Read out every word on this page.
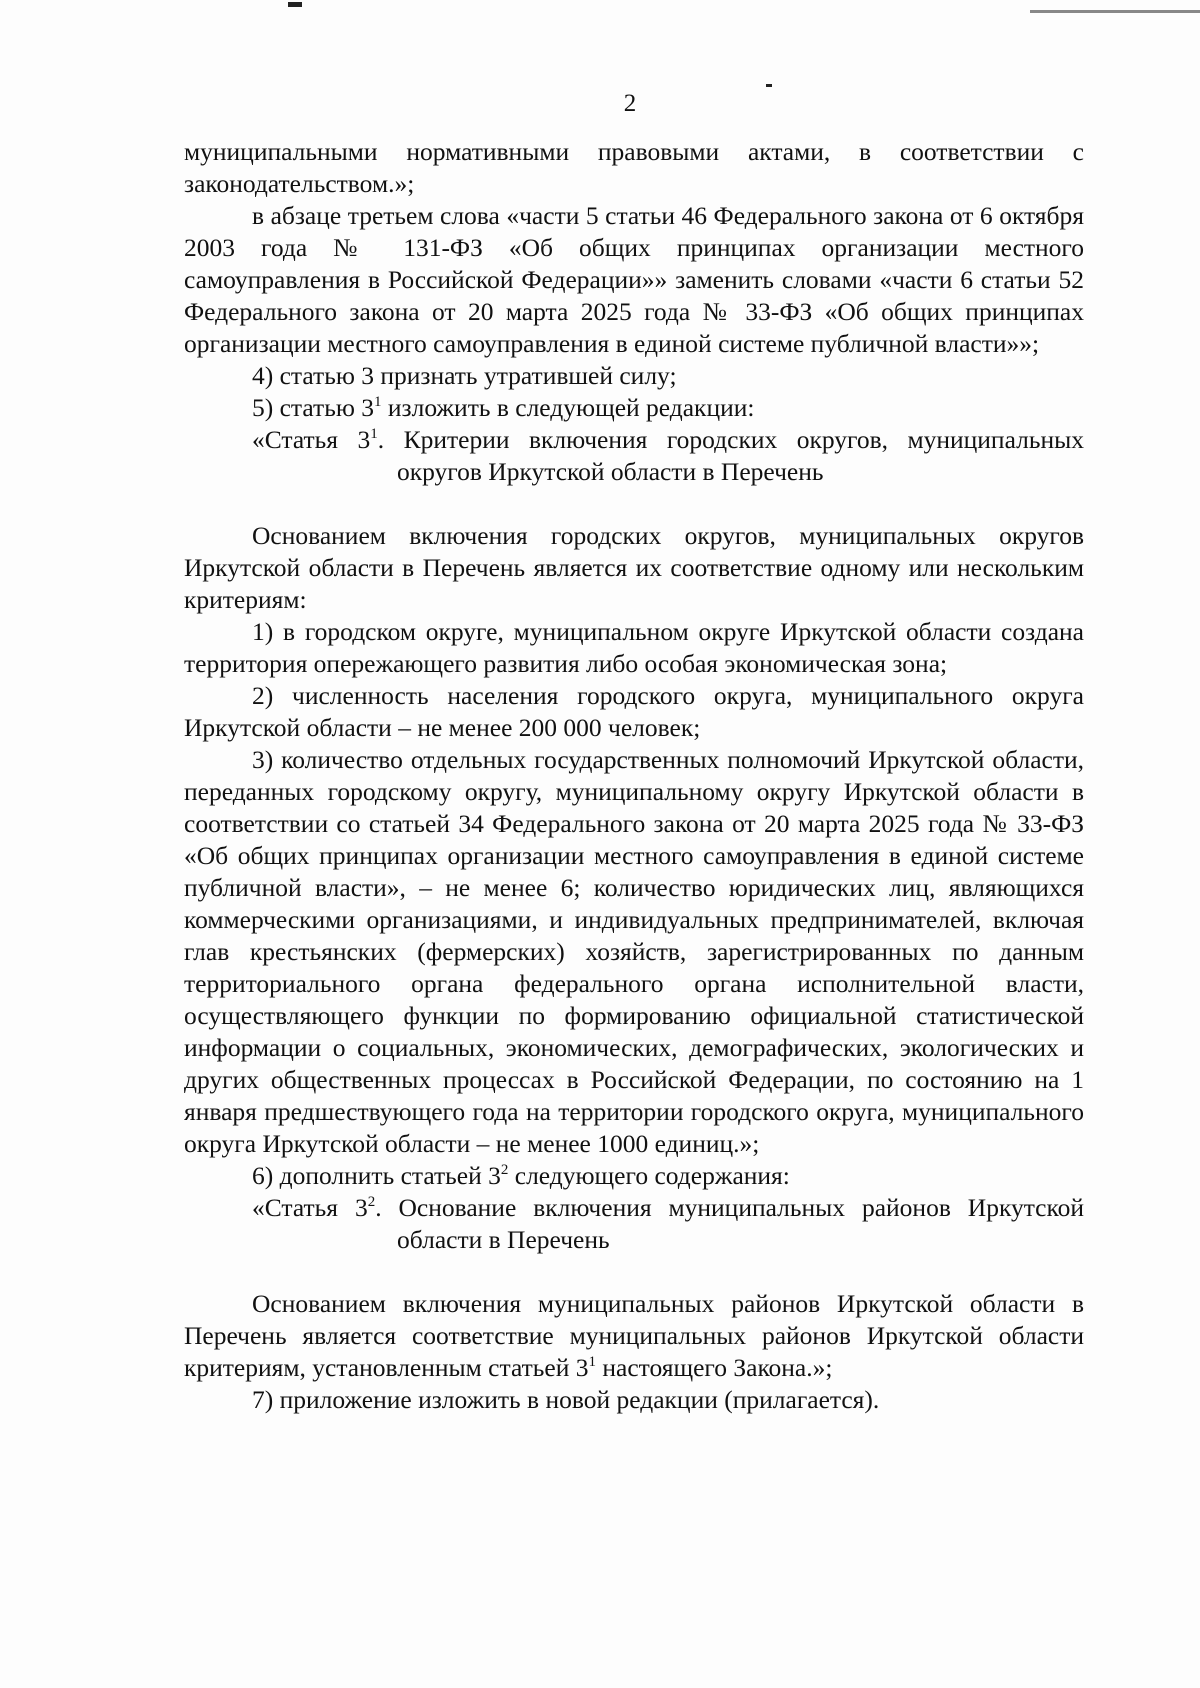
2

муниципальными нормативными правовыми актами, в соответствии с законодательством.»;

в абзаце третьем слова «части 5 статьи 46 Федерального закона от 6 октября 2003 года № 131-ФЗ «Об общих принципах организации местного самоуправления в Российской Федерации»» заменить словами «части 6 статьи 52 Федерального закона от 20 марта 2025 года № 33-ФЗ «Об общих принципах организации местного самоуправления в единой системе публичной власти»»;

4) статью 3 признать утратившей силу;

5) статью $3^1$ изложить в следующей редакции:

«Статья $3^1$. Критерии включения городских округов, муниципальных
округов Иркутской области в Перечень

Основанием включения городских округов, муниципальных округов Иркутской области в Перечень является их соответствие одному или нескольким критериям:

1) в городском округе, муниципальном округе Иркутской области создана территория опережающего развития либо особая экономическая зона;

2) численность населения городского округа, муниципального округа Иркутской области – не менее 200 000 человек;

3) количество отдельных государственных полномочий Иркутской области, переданных городскому округу, муниципальному округу Иркутской области в соответствии со статьей 34 Федерального закона от 20 марта 2025 года № 33-ФЗ «Об общих принципах организации местного самоуправления в единой системе публичной власти», – не менее 6; количество юридических лиц, являющихся коммерческими организациями, и индивидуальных предпринимателей, включая глав крестьянских (фермерских) хозяйств, зарегистрированных по данным территориального органа федерального органа исполнительной власти, осуществляющего функции по формированию официальной статистической информации о социальных, экономических, демографических, экологических и других общественных процессах в Российской Федерации, по состоянию на 1 января предшествующего года на территории городского округа, муниципального округа Иркутской области – не менее 1000 единиц.»;

6) дополнить статьей $3^2$ следующего содержания:

«Статья $3^2$. Основание включения муниципальных районов Иркутской
области в Перечень

Основанием включения муниципальных районов Иркутской области в Перечень является соответствие муниципальных районов Иркутской области критериям, установленным статьей $3^1$ настоящего Закона.»;

7) приложение изложить в новой редакции (прилагается).
